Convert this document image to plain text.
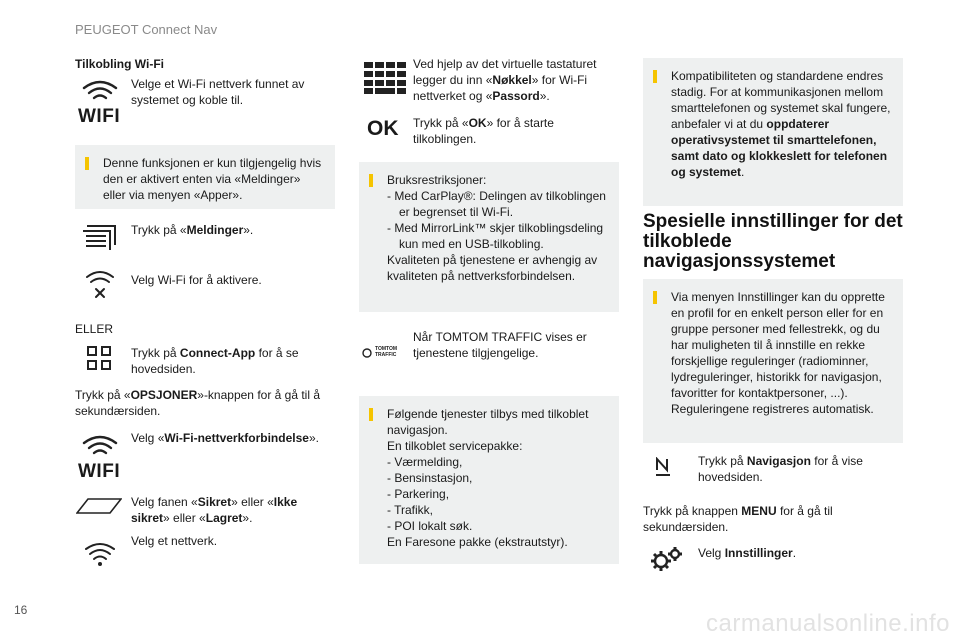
PEUGEOT Connect Nav
16	carmanualsonline.info
Tilkobling Wi-Fi
WIFI
Velge et Wi-Fi nettverk funnet av systemet og koble til.
Denne funksjonen er kun tilgjengelig hvis den er aktivert enten via «Meldinger» eller via menyen «Apper».
Trykk på «Meldinger».
Velg Wi-Fi for å aktivere.
ELLER
Trykk på Connect-App for å se hovedsiden.
Trykk på «OPSJONER»-knappen for å gå til å sekundærsiden.
WIFI
Velg «Wi-Fi-nettverkforbindelse».
Velg fanen «Sikret» eller «Ikke sikret» eller «Lagret».
Velg et nettverk.
Ved hjelp av det virtuelle tastaturet legger du inn «Nøkkel» for Wi-Fi nettverket og «Passord».
OK Trykk på «OK» for å starte tilkoblingen.
Bruksrestriksjoner:
- Med CarPlay®: Delingen av tilkoblingen er begrenset til Wi-Fi.
- Med MirrorLink™ skjer tilkoblingsdeling kun med en USB-tilkobling.
Kvaliteten på tjenestene er avhengig av kvaliteten på nettverksforbindelsen.
TOMTOM TRAFFIC
Når TOMTOM TRAFFIC vises er tjenestene tilgjengelige.
Følgende tjenester tilbys med tilkoblet navigasjon.
En tilkoblet servicepakke:
- Værmelding,
- Bensinstasjon,
- Parkering,
- Trafikk,
- POI lokalt søk.
En Faresone pakke (ekstrautstyr).
Kompatibiliteten og standardene endres stadig. For at kommunikasjonen mellom smarttelefonen og systemet skal fungere, anbefaler vi at du oppdaterer operativsystemet til smarttelefonen, samt dato og klokkeslett for telefonen og systemet.
Spesielle innstillinger for det tilkoblede navigasjonssystemet
Via menyen Innstillinger kan du opprette en profil for en enkelt person eller for en gruppe personer med fellestrekk, og du har muligheten til å innstille en rekke forskjellige reguleringer (radiominner, lydreguleringer, historikk for navigasjon, favoritter for kontaktpersoner, ...). Reguleringene registreres automatisk.
Trykk på Navigasjon for å vise hovedsiden.
Trykk på knappen MENU for å gå til sekundærsiden.
Velg Innstillinger.
